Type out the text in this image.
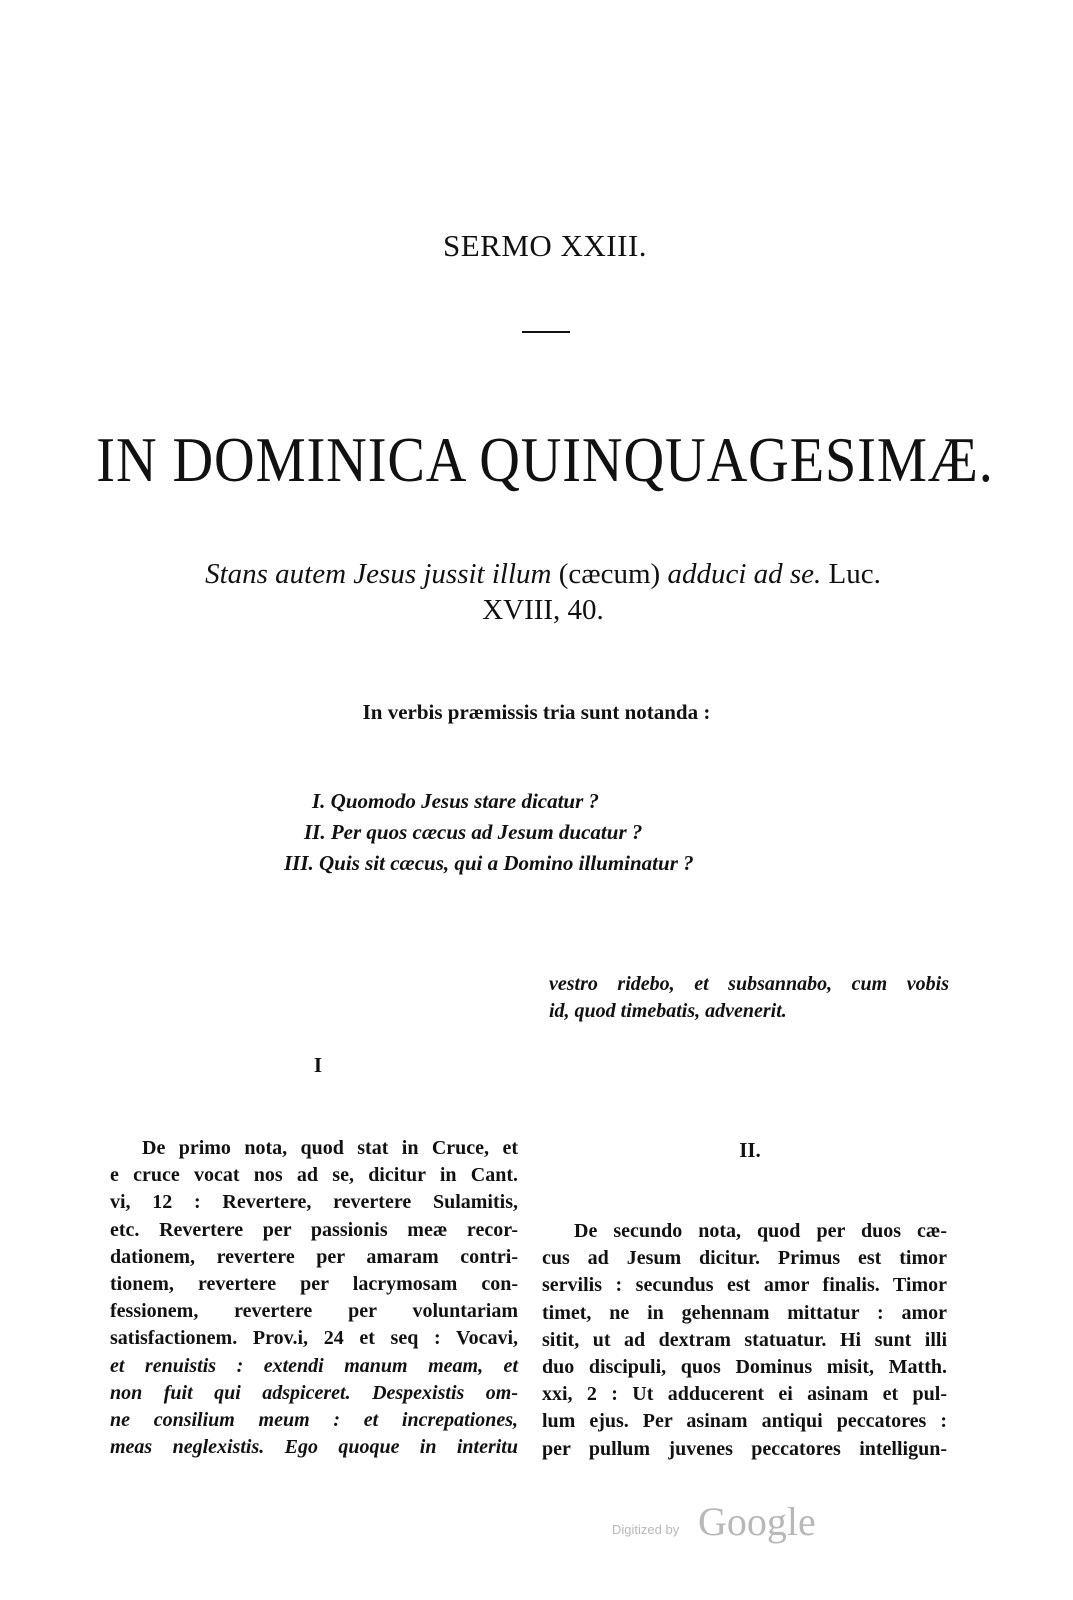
SERMO XXIII.
IN DOMINICA QUINQUAGESIMÆ.
Stans autem Jesus jussit illum (cæcum) adduci ad se. Luc.
XVIII, 40.
In verbis præmissis tria sunt notanda :
I. Quomodo Jesus stare dicatur ?
II. Per quos cæcus ad Jesum ducatur ?
III. Quis sit cæcus, qui a Domino illuminatur ?
vestro ridebo, et subsannabo, cum vobis
id, quod timebatis, advenerit.
I
II.
De primo nota, quod stat in Cruce, et
e cruce vocat nos ad se, dicitur in Cant.
vi, 12 : Revertere, revertere Sulamitis,
etc. Revertere per passionis meæ recor-
dationem, revertere per amaram contri-
tionem, revertere per lacrymosam con-
fessionem, revertere per voluntariam
satisfactionem. Prov.i, 24 et seq : Vocavi,
et renuistis : extendi manum meam, et
non fuit qui adspiceret. Despexistis om-
ne consilium meum : et increpationes,
meas neglexistis. Ego quoque in interitu
De secundo nota, quod per duos cæ-
cus ad Jesum dicitur. Primus est timor
servilis : secundus est amor finalis. Timor
timet, ne in gehennam mittatur : amor
sitit, ut ad dextram statuatur. Hi sunt illi
duo discipuli, quos Dominus misit, Matth.
xxi, 2 : Ut adducerent ei asinam et pul-
lum ejus. Per asinam antiqui peccatores :
per pullum juvenes peccatores intelligun-
Digitized by Google
